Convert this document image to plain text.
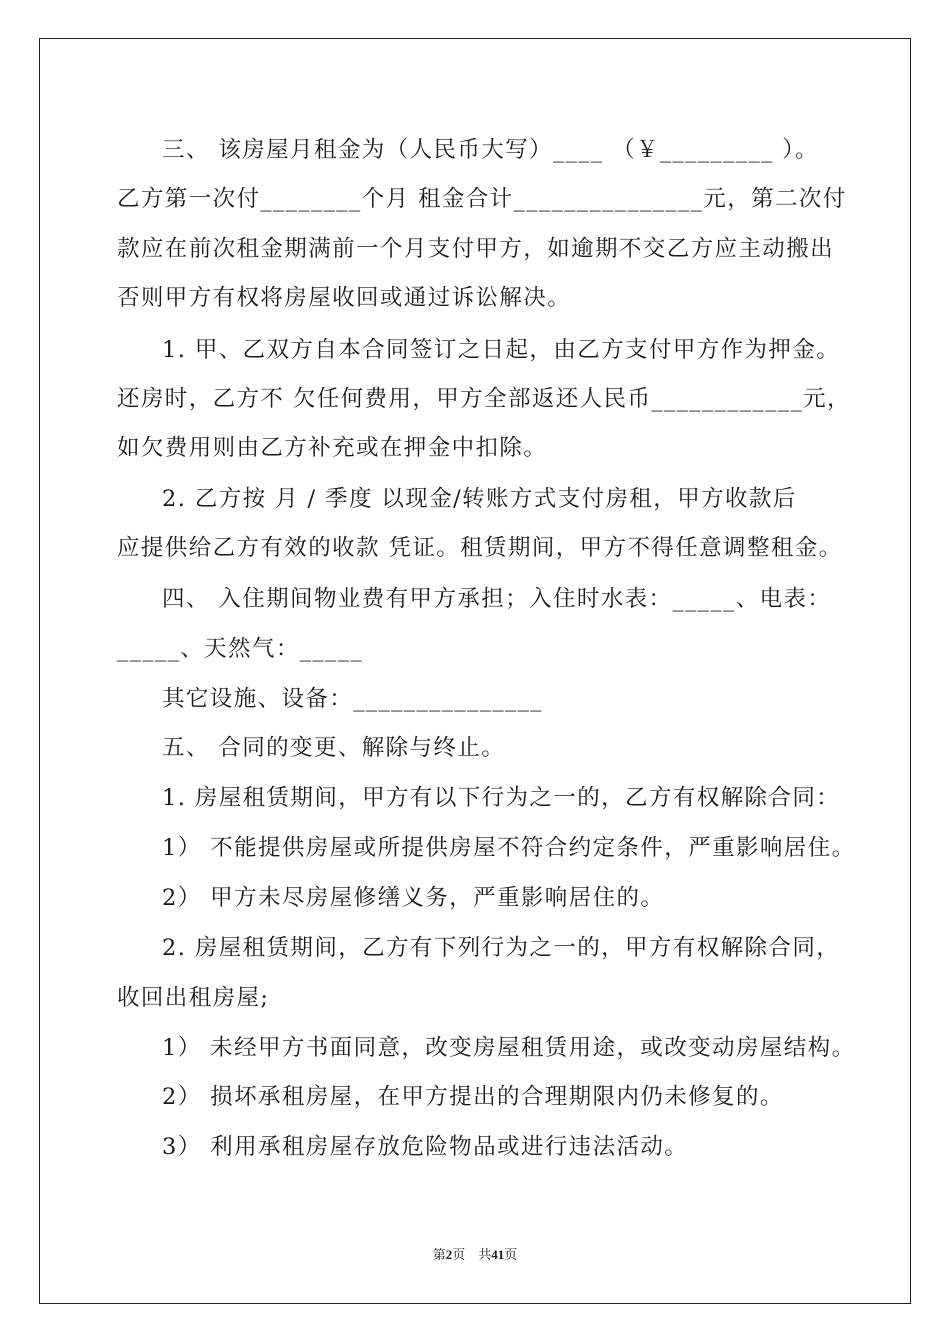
三、 该房屋月租金为（人民币大写）____ （￥_________ ）。
乙方第一次付________个月 租金合计_______________元，第二次付
款应在前次租金期满前一个月支付甲方，如逾期不交乙方应主动搬出
否则甲方有权将房屋收回或通过诉讼解决。
1. 甲、乙双方自本合同签订之日起，由乙方支付甲方作为押金。
还房时，乙方不 欠任何费用，甲方全部返还人民币____________元，
如欠费用则由乙方补充或在押金中扣除。
2. 乙方按 月 / 季度 以现金/转账方式支付房租，甲方收款后
应提供给乙方有效的收款 凭证。租赁期间，甲方不得任意调整租金。
四、 入住期间物业费有甲方承担；入住时水表：_____、电表：
_____、天然气：_____
其它设施、设备：_______________
五、 合同的变更、解除与终止。
1. 房屋租赁期间，甲方有以下行为之一的，乙方有权解除合同：
1） 不能提供房屋或所提供房屋不符合约定条件，严重影响居住。
2） 甲方未尽房屋修缮义务，严重影响居住的。
2. 房屋租赁期间，乙方有下列行为之一的，甲方有权解除合同，
收回出租房屋;
1） 未经甲方书面同意，改变房屋租赁用途，或改变动房屋结构。
2） 损坏承租房屋，在甲方提出的合理期限内仍未修复的。
3） 利用承租房屋存放危险物品或进行违法活动。
第2页　共41页
